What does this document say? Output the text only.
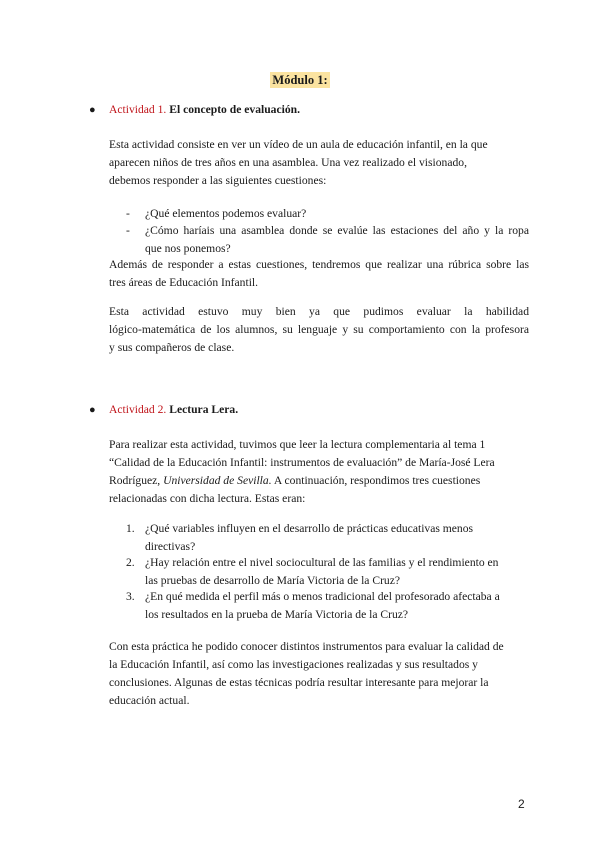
Módulo 1:
● Actividad 1. El concepto de evaluación.
Esta actividad consiste en ver un vídeo de un aula de educación infantil, en la que
aparecen niños de tres años en una asamblea. Una vez realizado el visionado,
debemos responder a las siguientes cuestiones:
- ¿Qué elementos podemos evaluar?
- ¿Cómo haríais una asamblea donde se evalúe las estaciones del año y la ropa
que nos ponemos?
Además de responder a estas cuestiones, tendremos que realizar una rúbrica sobre las
tres áreas de Educación Infantil.
Esta actividad estuvo muy bien ya que pudimos evaluar la habilidad
lógico-matemática de los alumnos, su lenguaje y su comportamiento con la profesora
y sus compañeros de clase.
● Actividad 2. Lectura Lera.
Para realizar esta actividad, tuvimos que leer la lectura complementaria al tema 1
“Calidad de la Educación Infantil: instrumentos de evaluación” de María-José Lera
Rodríguez, Universidad de Sevilla. A continuación, respondimos tres cuestiones
relacionadas con dicha lectura. Estas eran:
1. ¿Qué variables influyen en el desarrollo de prácticas educativas menos
directivas?
2. ¿Hay relación entre el nivel sociocultural de las familias y el rendimiento en
las pruebas de desarrollo de María Victoria de la Cruz?
3. ¿En qué medida el perfil más o menos tradicional del profesorado afectaba a
los resultados en la prueba de María Victoria de la Cruz?
Con esta práctica he podido conocer distintos instrumentos para evaluar la calidad de
la Educación Infantil, así como las investigaciones realizadas y sus resultados y
conclusiones. Algunas de estas técnicas podría resultar interesante para mejorar la
educación actual.
2
